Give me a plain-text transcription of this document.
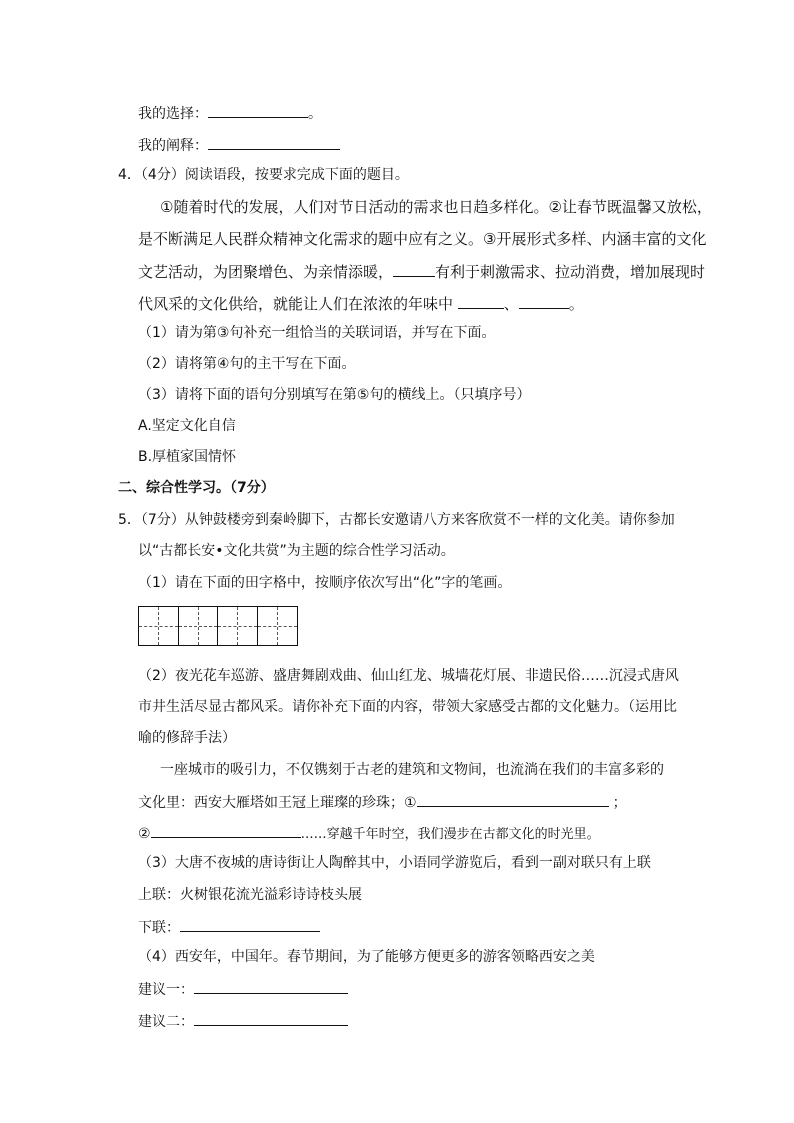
我的选择：	。
我的阐释：
4．（4分）阅读语段，按要求完成下面的题目。
①随着时代的发展，人们对节日活动的需求也日趋多样化。②让春节既温馨又放松，
是不断满足人民群众精神文化需求的题中应有之义。③开展形式多样、内涵丰富的文化
文艺活动，为团聚增色、为亲情添暖，	有利于刺激需求、拉动消费，增加展现时
代风采的文化供给，就能让人们在浓浓的年味中	、	。
（1）请为第③句补充一组恰当的关联词语，并写在下面。
（2）请将第④句的主干写在下面。
（3）请将下面的语句分别填写在第⑤句的横线上。（只填序号）
A.坚定文化自信
B.厚植家国情怀
二、综合性学习。（7分）
5．（7分）从钟鼓楼旁到秦岭脚下，古都长安邀请八方来客欣赏不一样的文化美。请你参加
以“古都长安•文化共赏”为主题的综合性学习活动。
（1）请在下面的田字格中，按顺序依次写出“化”字的笔画。
（2）夜光花车巡游、盛唐舞剧戏曲、仙山红龙、城墙花灯展、非遗民俗……沉浸式唐风
市井生活尽显古都风采。请你补充下面的内容，带领大家感受古都的文化魅力。（运用比
喻的修辞手法）
一座城市的吸引力，不仅镌刻于古老的建筑和文物间，也流淌在我们的丰富多彩的
文化里：西安大雁塔如王冠上璀璨的珍珠；①	；
②	……穿越千年时空，我们漫步在古都文化的时光里。
（3）大唐不夜城的唐诗街让人陶醉其中，小语同学游览后，看到一副对联只有上联
上联：火树银花流光溢彩诗诗枝头展
下联：
（4）西安年，中国年。春节期间，为了能够方便更多的游客领略西安之美
建议一：
建议二：
